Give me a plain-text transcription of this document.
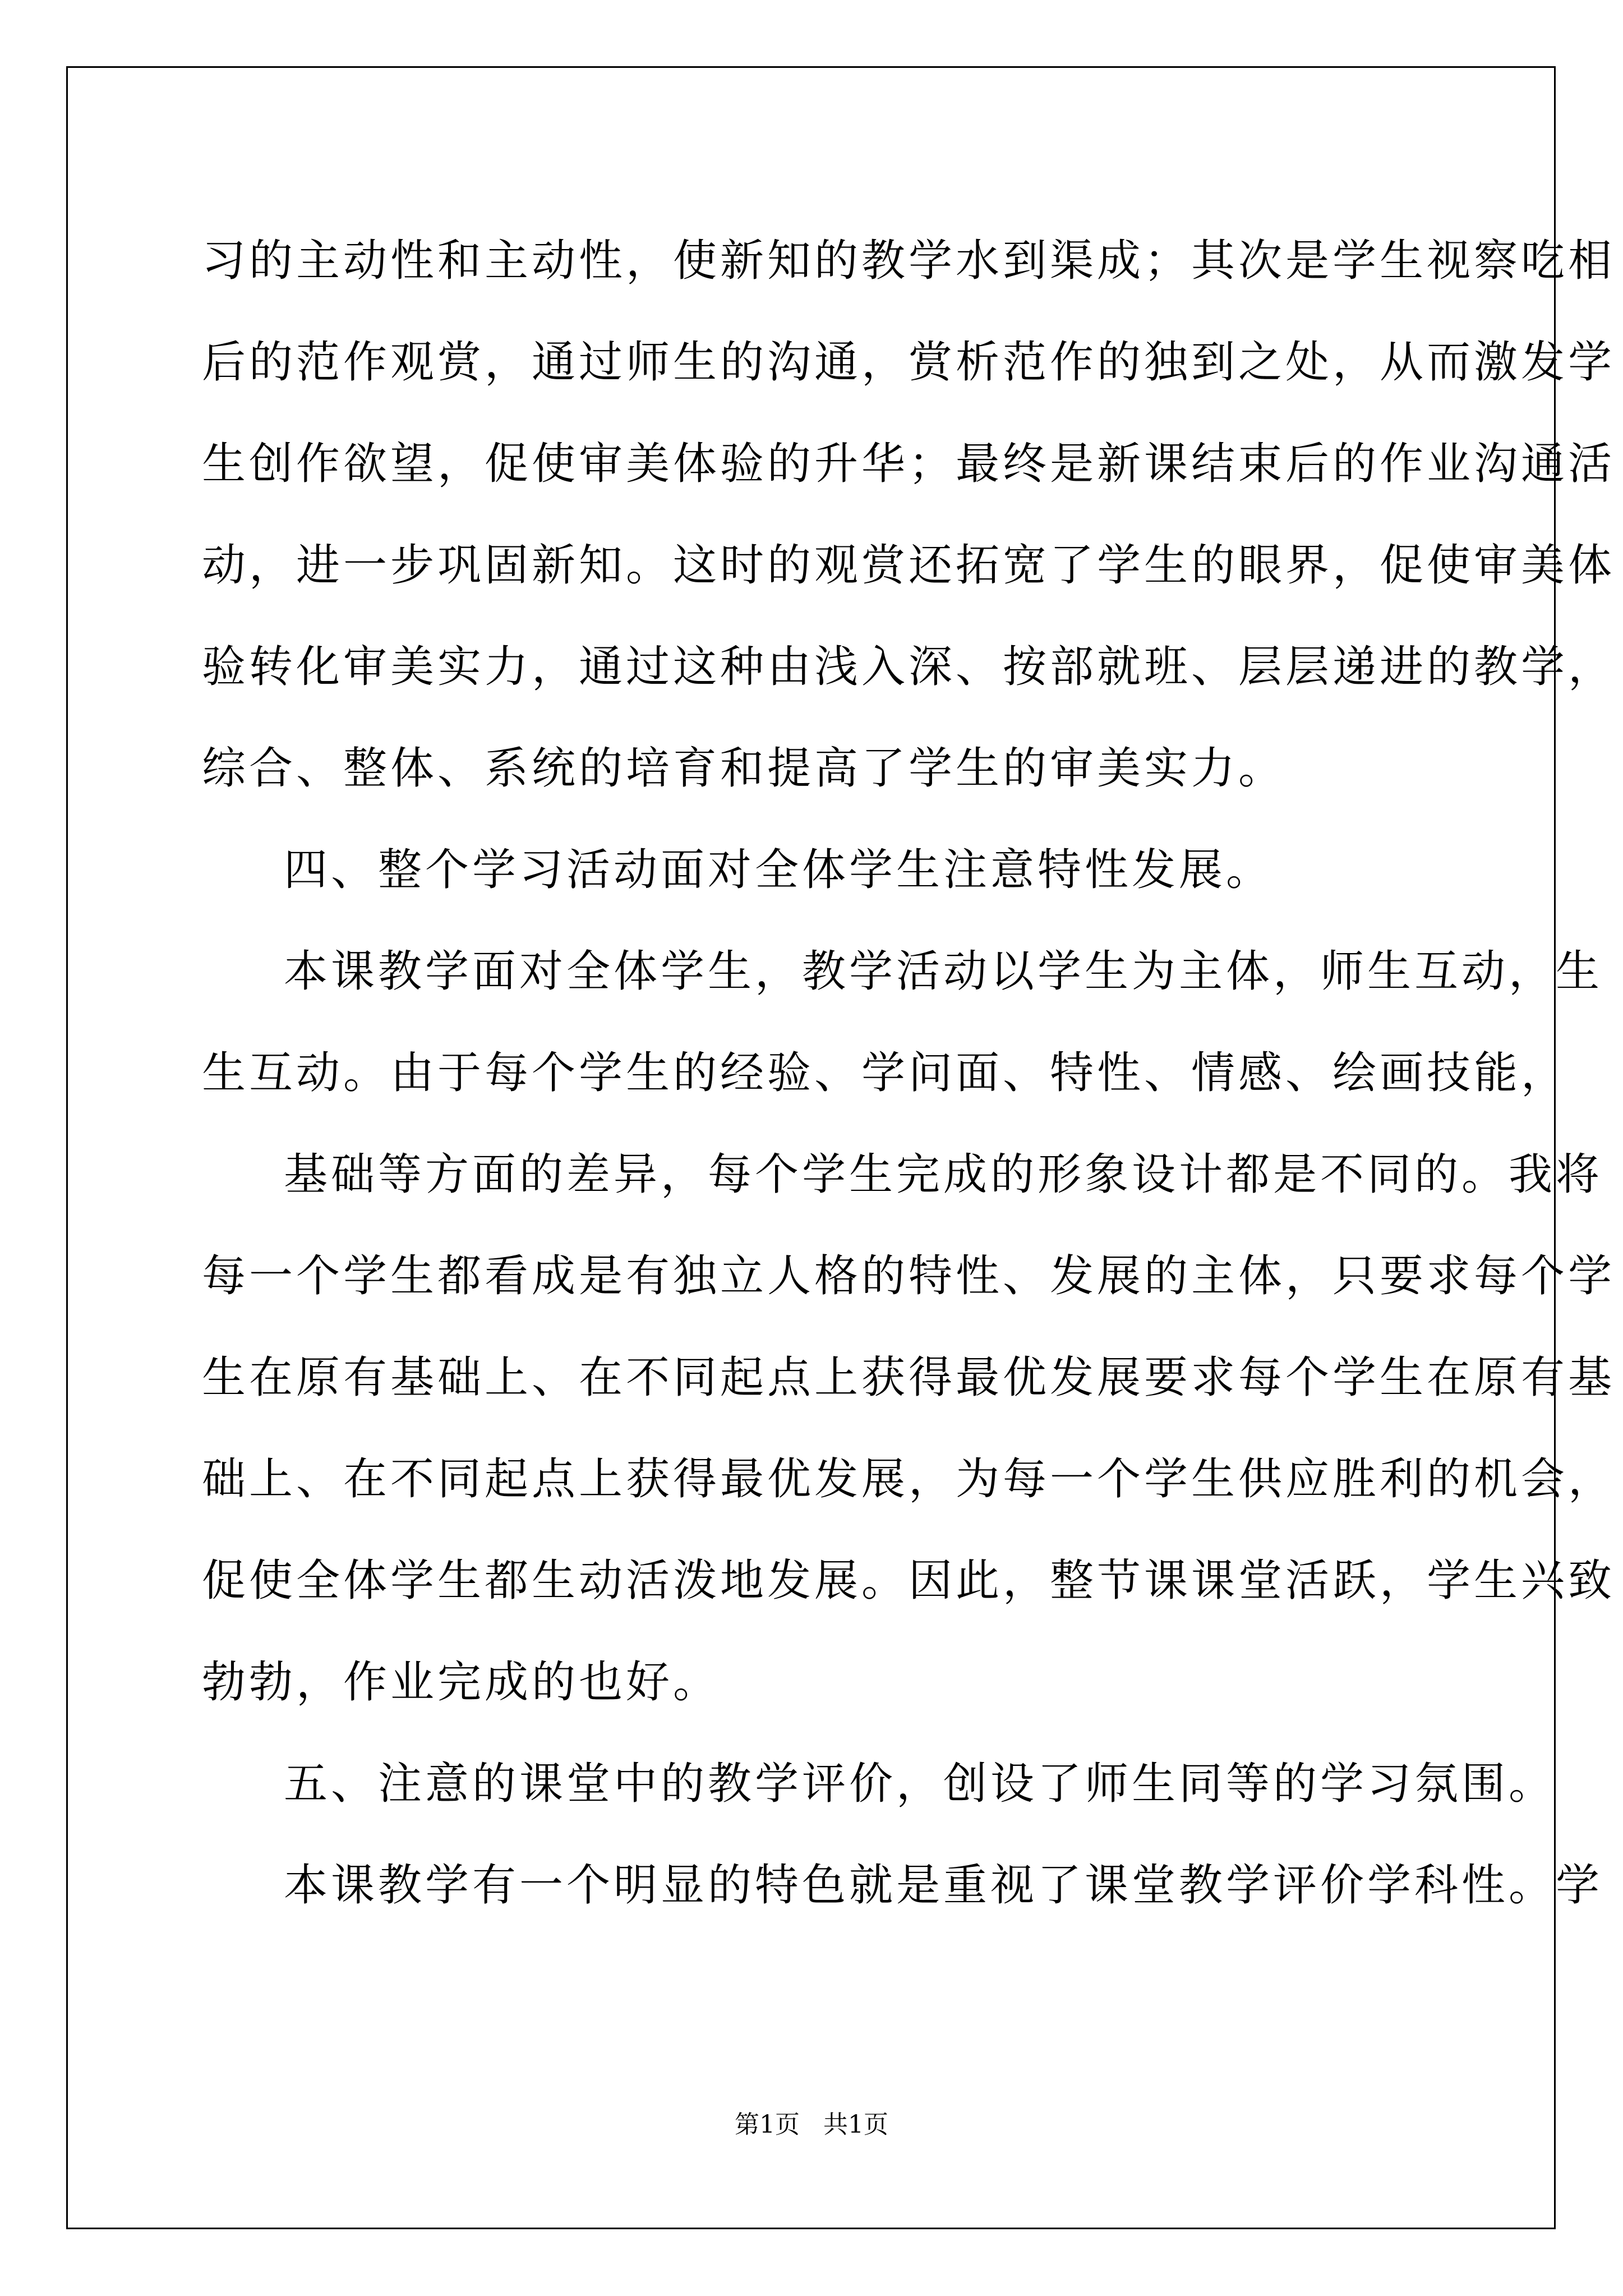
习的主动性和主动性，使新知的教学水到渠成；其次是学生视察吃相
后的范作观赏，通过师生的沟通，赏析范作的独到之处，从而激发学
生创作欲望，促使审美体验的升华；最终是新课结束后的作业沟通活
动，进一步巩固新知。这时的观赏还拓宽了学生的眼界，促使审美体
验转化审美实力，通过这种由浅入深、按部就班、层层递进的教学，
综合、整体、系统的培育和提高了学生的审美实力。
四、整个学习活动面对全体学生注意特性发展。
本课教学面对全体学生，教学活动以学生为主体，师生互动，生
生互动。由于每个学生的经验、学问面、特性、情感、绘画技能，
基础等方面的差异，每个学生完成的形象设计都是不同的。我将
每一个学生都看成是有独立人格的特性、发展的主体，只要求每个学
生在原有基础上、在不同起点上获得最优发展要求每个学生在原有基
础上、在不同起点上获得最优发展，为每一个学生供应胜利的机会，
促使全体学生都生动活泼地发展。因此，整节课课堂活跃，学生兴致
勃勃，作业完成的也好。
五、注意的课堂中的教学评价，创设了师生同等的学习氛围。
本课教学有一个明显的特色就是重视了课堂教学评价学科性。学
第1页   共1页
